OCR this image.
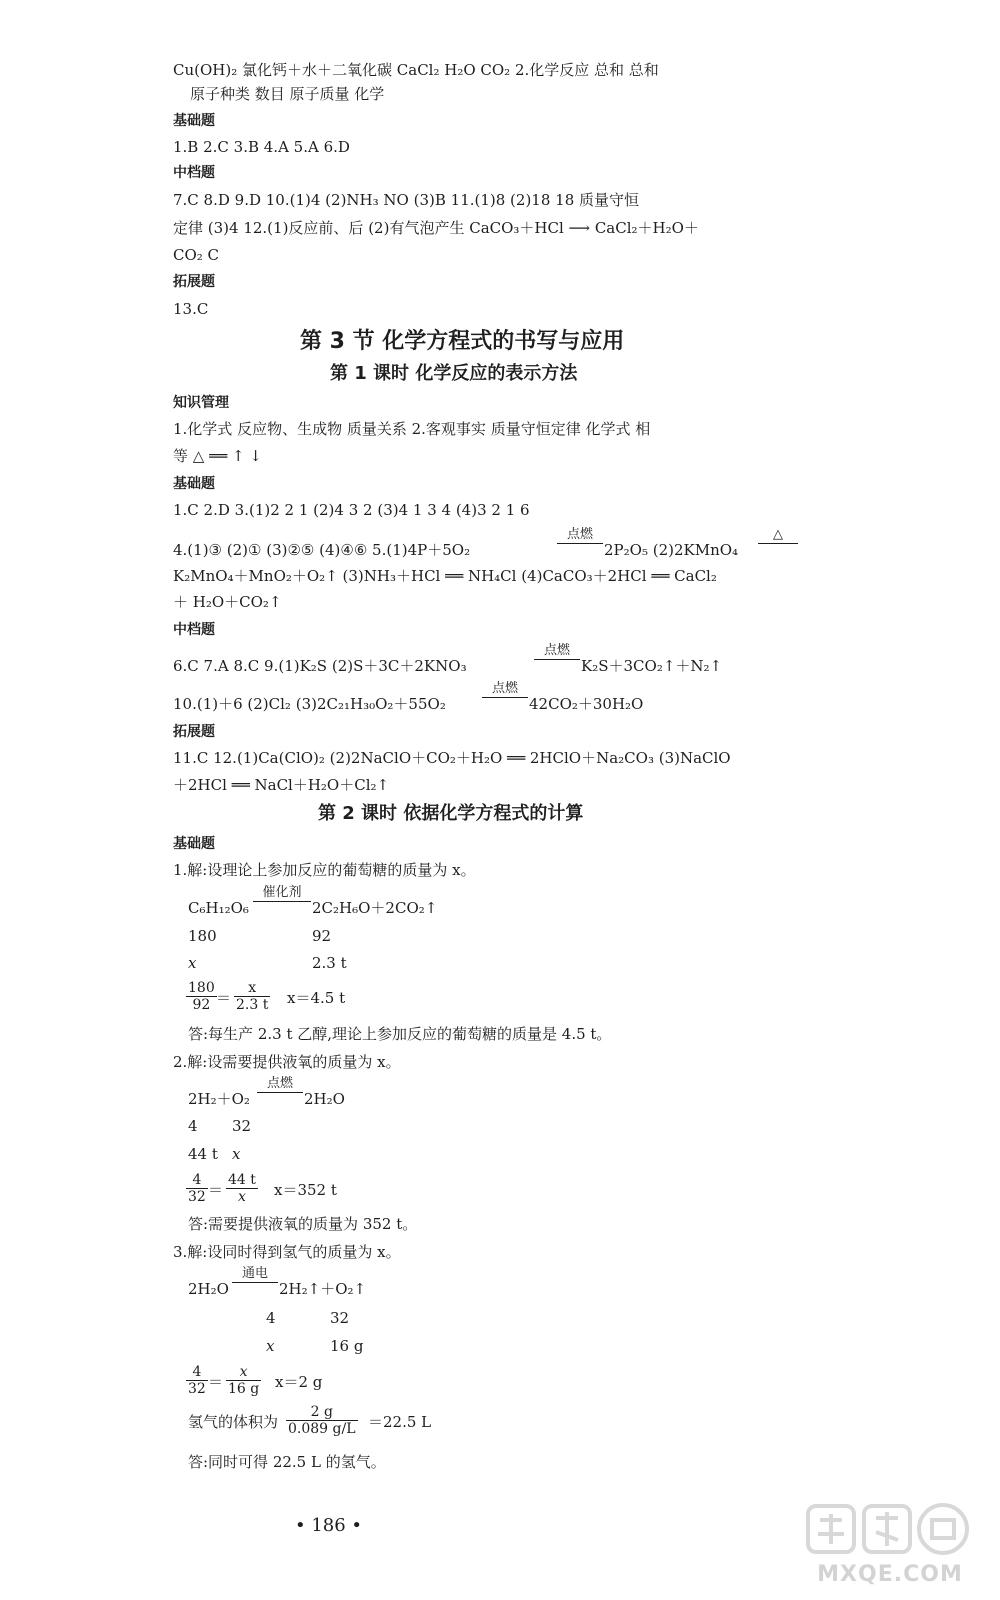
Cu(OH)₂ 氯化钙＋水＋二氧化碳 CaCl₂ H₂O CO₂ 2.化学反应 总和 总和
原子种类 数目 原子质量 化学
基础题
1.B 2.C 3.B 4.A 5.A 6.D
中档题
7.C 8.D 9.D 10.(1)4 (2)NH₃ NO (3)B 11.(1)8 (2)18 18 质量守恒
定律 (3)4 12.(1)反应前、后 (2)有气泡产生 CaCO₃＋HCl ⟶ CaCl₂＋H₂O＋
CO₂ C
拓展题
13.C
第 3 节 化学方程式的书写与应用
第 1 课时 化学反应的表示方法
知识管理
1.化学式 反应物、生成物 质量关系 2.客观事实 质量守恒定律 化学式 相
等 △ ══ ↑ ↓
基础题
1.C 2.D 3.(1)2 2 1 (2)4 3 2 (3)4 1 3 4 (4)3 2 1 6
4.(1)③ (2)① (3)②⑤ (4)④⑥ 5.(1)4P＋5O₂
点燃
2P₂O₅ (2)2KMnO₄
△
K₂MnO₄＋MnO₂＋O₂↑ (3)NH₃＋HCl ══ NH₄Cl (4)CaCO₃＋2HCl ══ CaCl₂
＋ H₂O＋CO₂↑
中档题
6.C 7.A 8.C 9.(1)K₂S (2)S＋3C＋2KNO₃
点燃
K₂S＋3CO₂↑＋N₂↑
10.(1)＋6 (2)Cl₂ (3)2C₂₁H₃₀O₂＋55O₂
点燃
42CO₂＋30H₂O
拓展题
11.C 12.(1)Ca(ClO)₂ (2)2NaClO＋CO₂＋H₂O ══ 2HClO＋Na₂CO₃ (3)NaClO
＋2HCl ══ NaCl＋H₂O＋Cl₂↑
第 2 课时 依据化学方程式的计算
基础题
1.解:设理论上参加反应的葡萄糖的质量为 x。
C₆H₁₂O₆
催化剂
2C₂H₆O＋2CO₂↑
180	92
x	2.3 t
$\frac{180}{92} = \frac{x}{2.3 t} x=4.5$ t
答:每生产 2.3 t 乙醇,理论上参加反应的葡萄糖的质量是 4.5 t。
2.解:设需要提供液氧的质量为 x。
2H₂＋O₂
点燃
2H₂O
4 32
44 t x
$\frac{4}{32} = \frac{44 t}{x} x=352$ t
答:需要提供液氧的质量为 352 t。
3.解:设同时得到氢气的质量为 x。
2H₂O
通电
2H₂↑＋O₂↑
4	32
x	16 g
$\frac{4}{32} = \frac{x}{16 g} x=2$ g
氢气的体积为 $\frac{2 g}{0.089 g/L} =22.5$ L
答:同时可得 22.5 L 的氢气。
• 186 •
MXQE.COM
